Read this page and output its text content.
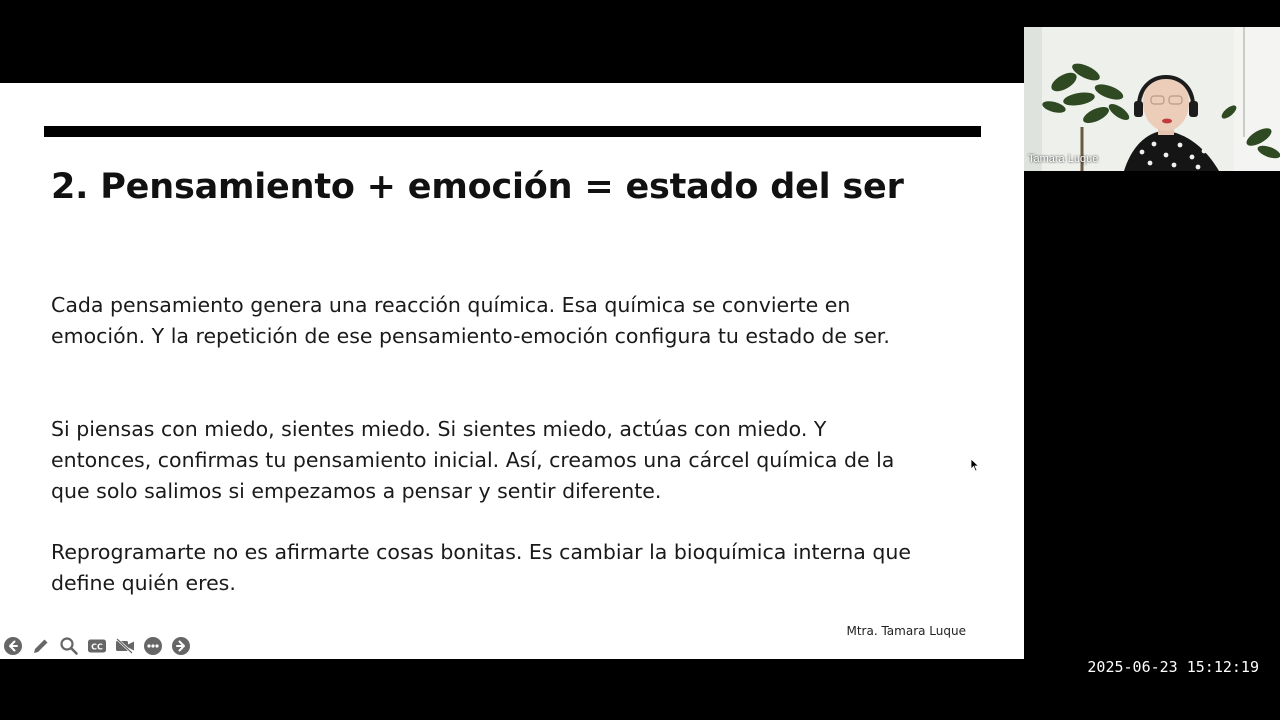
2. Pensamiento + emoción = estado del ser

Cada pensamiento genera una reacción química. Esa química se convierte en emoción. Y la repetición de ese pensamiento-emoción configura tu estado de ser.

Si piensas con miedo, sientes miedo. Si sientes miedo, actúas con miedo. Y entonces, confirmas tu pensamiento inicial. Así, creamos una cárcel química de la que solo salimos si empezamos a pensar y sentir diferente.

Reprogramarte no es afirmarte cosas bonitas. Es cambiar la bioquímica interna que define quién eres.

Mtra. Tamara Luque
CC
Tamara Luque
2025-06-23 15:12:19
